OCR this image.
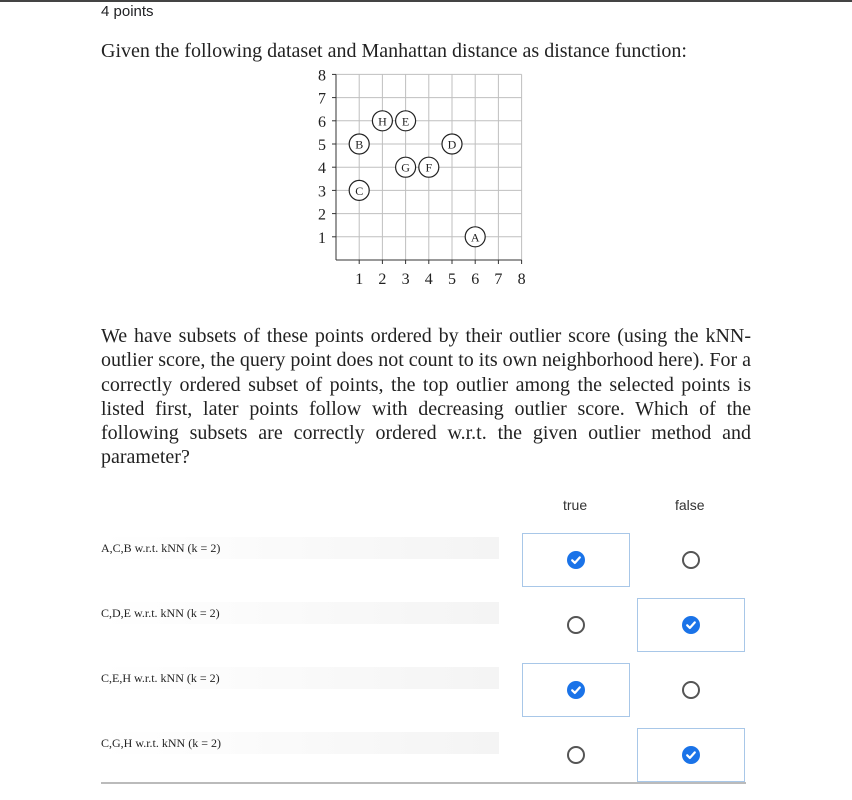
4 points
Given the following dataset and Manhattan distance as distance function:
1 2 3 4 5 6 7 8
1
2
3
4
5
6
7
8
A
B
C
D
E
F
G
H
We have subsets of these points ordered by their outlier score (using the kNN-outlier score, the query point does not count to its own neighborhood here). For a correctly ordered subset of points, the top outlier among the selected points is listed first, later points follow with decreasing outlier score. Which of the following subsets are correctly ordered w.r.t. the given outlier method and parameter?
true	false
A,C,B w.r.t. kNN (k = 2)
C,D,E w.r.t. kNN (k = 2)
C,E,H w.r.t. kNN (k = 2)
C,G,H w.r.t. kNN (k = 2)
